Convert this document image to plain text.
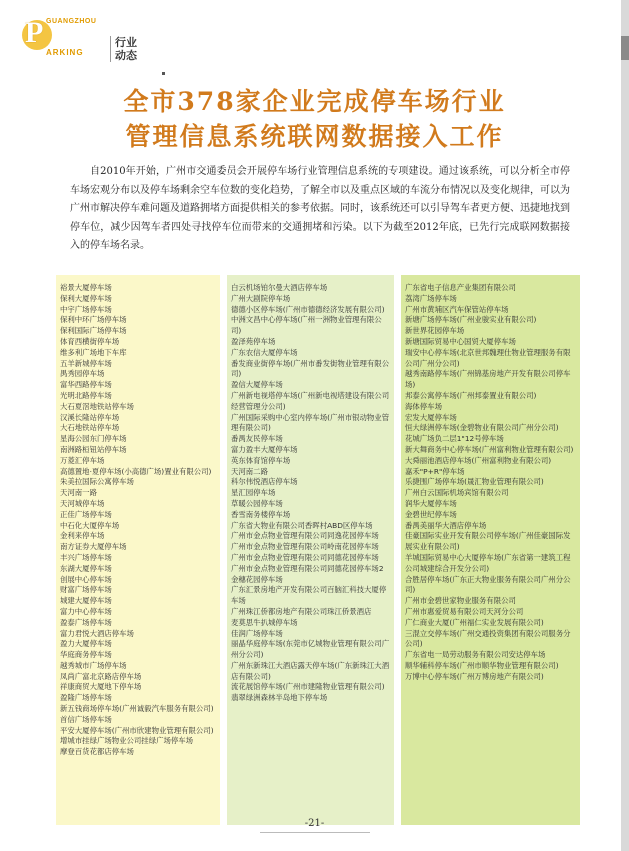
P GUANGZHOU
ARKING
行业动态
全市378家企业完成停车场行业
管理信息系统联网数据接入工作
自2010年开始，广州市交通委员会开展停车场行业管理信息系统的专项建设。通过该系统，可以分析全市停车场宏观分布以及停车场剩余空车位数的变化趋势，了解全市以及重点区域的车流分布情况以及变化规律，可以为广州市解决停车难问题及道路拥堵方面提供相关的参考依据。同时，该系统还可以引导驾车者更方便、迅捷地找到停车位，减少因驾车者四处寻找停车位而带来的交通拥堵和污染。以下为截至2012年底，已先行完成联网数据接入的停车场名录。
裕景大厦停车场
保利大厦停车场
中宇广场停车场
保利中环广场停车场
保利国际广场停车场
体育西横街停车场
维多利广场地下车库
五羊新城停车场
禺秀园停车场
富华西路停车场
光明北路停车场
大石夏滘地铁站停车场
汉溪长隆站停车场
大石地铁站停车场
星海公园东门停车场
南洲路桓钮站停车场
万菱汇停车场
高德置地·夏停车场(小高德广场)置业有限公司)
朱美拉国际公寓停车场
天河南一路
天河城停车场
正佳广场停车场
中石化大厦停车场
金利来停车场
南方证券大厦停车场
丰兴广场停车场
东湖大厦停车场
创展中心停车场
财富广场停车场
城建大厦停车场
富力中心停车场
盈泰广场停车场
富力君悦大酒店停车场
盈力大厦停车场
华庭商务停车场
越秀城市广场停车场
凤尚广富北京路店停车场
祥康商贸大厦地下停车场
盈隆广场停车场
新五钱商场停车场(广州诚毅汽车服务有限公司)
首信广场停车场
平安大厦停车场(广州市欣建物业管理有限公司)
增城市挂绿广场物业公司挂绿广场停车场
摩登百货花都店停车场
白云机场铂尔曼大酒店停车场
广州大剧院停车场
德德小区停车场(广州市德德经济发展有限公司)
中洲文昌中心停车场(广州一洲物业管理有限公司)
盈泽苑停车场
广东农信大厦停车场
番发商业街停车场(广州市番发街物业管理有限公司)
盈信大厦停车场
广州新电视塔停车场(广州新电视塔建设有限公司经营管理分公司)
广州国际采购中心室内停车场(广州市银动物业管理有限公司)
番禺友民停车场
富力盈丰大厦停车场
英东体育馆停车场
天河南二路
科尔伟悦酒店停车场
星汇园停车场
草暖公园停车场
香雪南务楼停车场
广东省大物业有限公司香晖村ABD区停车场
广州市金点物业管理有限公司同逸花园停车场
广州市金点物业管理有限公司岭南花园停车场
广州市金点物业管理有限公司同德花园停车场
广州市金点物业管理有限公司同德花园停车场2
金穗花园停车场
广东汇景房地产开发有限公司百脑汇科技大厦停车场
广州珠江侨都房地产有限公司珠江侨景酒店
麦莫思牛扒城停车场
佳润广场停车场
丽晶华庭停车场(东莞市亿城物业管理有限公司广州分公司)
广州东新珠江大酒店露天停车场(广东新珠江大酒店有限公司)
流花展馆停车场(广州市建隆物业管理有限公司)
翡翠绿洲森林半岛地下停车场
广东省电子信息产业集团有限公司
荔湾广场停车场
广州市黄埔区汽车保管站停车场
新塘广场停车场(广州业骏实业有限公司)
新世界花园停车场
新塘国际贸易中心国贸大厦停车场
瑞安中心停车场(北京世邦魏理仕物业管理服务有限公司广州分公司)
越秀南路停车场(广州锦基房地产开发有限公司停车场)
邦泰公寓停车场(广州邦泰置业有限公司)
海体停车场
宏发大厦停车场
恒大绿洲停车场(金碧物业有限公司广州分公司)
花城广场负二层1"12号停车场
新大舞商务中心停车场(广州富利物业管理有限公司)
大舜丽池酒店停车场(广州富利物业有限公司)
嘉禾"P+R"停车场
乐捷围广场停车场(晟汇物业管理有限公司)
广州白云国际机场宾馆有限公司
润华大厦停车场
金碧世纪停车场
番禺美丽华大酒店停车场
佳豪国际实业开发有限公司停车场(广州佳豪国际发展实业有限公司)
羊城国际贸易中心大厦停车场(广东省第一建筑工程公司城建综合开发分公司)
合胜居停车场(广东正大物业服务有限公司广州分公司)
广州市金碧世家物业服务有限公司
广州市惠爱贸易有限公司天河分公司
广仁商业大厦(广州福仁实业发展有限公司)
三混立交停车场(广州交通投资集团有限公司服务分公司)
广东省电一局劳动服务有限公司安达停车场
顺华辅科停车场(广州市顺华物业管理有限公司)
万博中心停车场(广州万博房地产有限公司)
-21-
